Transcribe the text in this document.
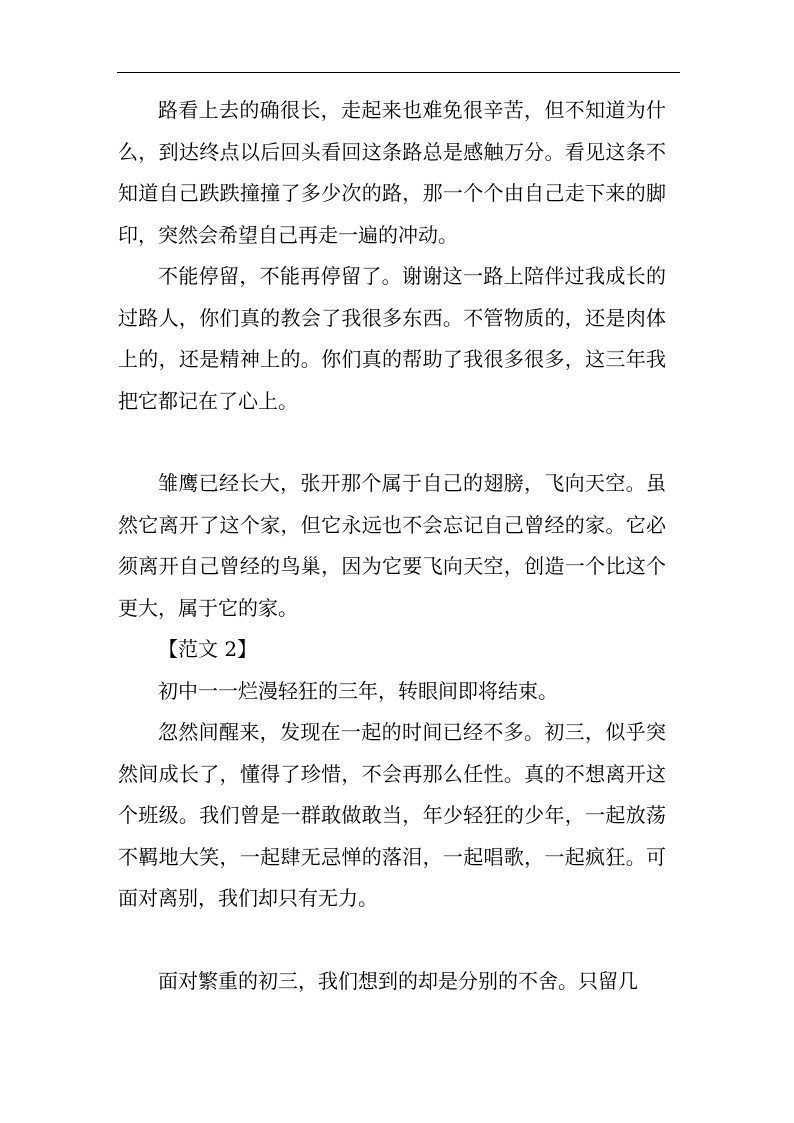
路看上去的确很长，走起来也难免很辛苦，但不知道为什么，到达终点以后回头看回这条路总是感触万分。看见这条不知道自己跌跌撞撞了多少次的路，那一个个由自己走下来的脚印，突然会希望自己再走一遍的冲动。

不能停留，不能再停留了。谢谢这一路上陪伴过我成长的过路人，你们真的教会了我很多东西。不管物质的，还是肉体上的，还是精神上的。你们真的帮助了我很多很多，这三年我把它都记在了心上。

雏鹰已经长大，张开那个属于自己的翅膀，飞向天空。虽然它离开了这个家，但它永远也不会忘记自己曾经的家。它必须离开自己曾经的鸟巢，因为它要飞向天空，创造一个比这个更大，属于它的家。

【范文 2】

初中一一烂漫轻狂的三年，转眼间即将结束。

忽然间醒来，发现在一起的时间已经不多。初三，似乎突然间成长了，懂得了珍惜，不会再那么任性。真的不想离开这个班级。我们曾是一群敢做敢当，年少轻狂的少年，一起放荡不羁地大笑，一起肆无忌惮的落泪，一起唱歌，一起疯狂。可面对离别，我们却只有无力。

面对繁重的初三，我们想到的却是分别的不舍。只留几
